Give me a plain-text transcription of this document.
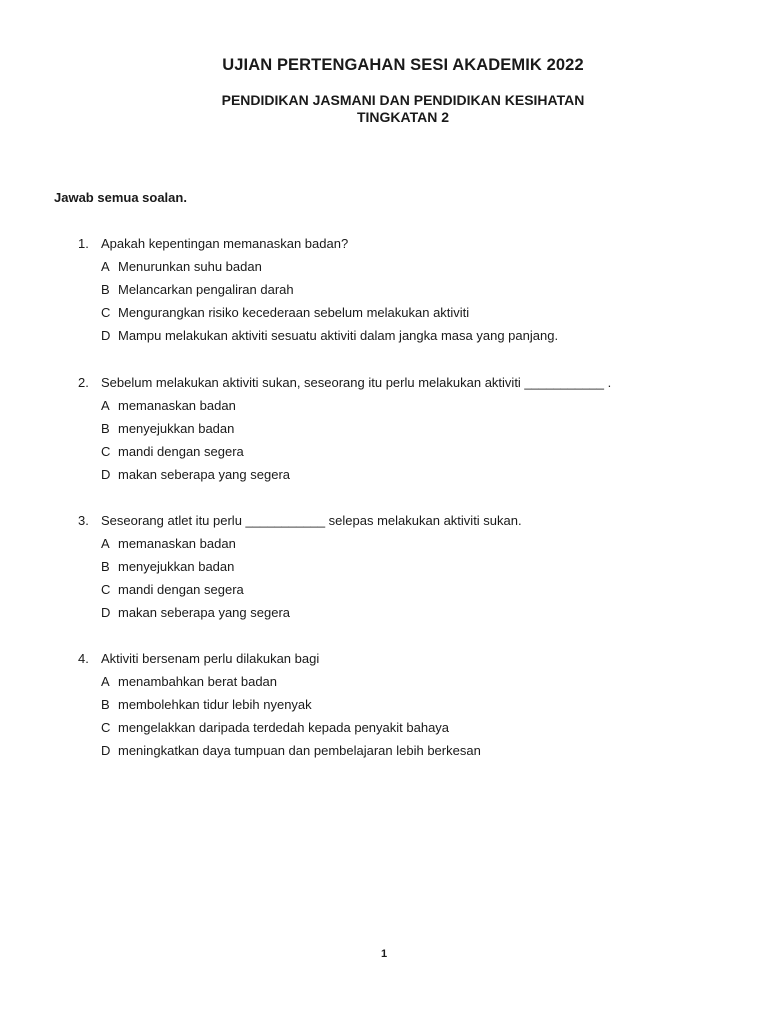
UJIAN PERTENGAHAN SESI AKADEMIK 2022
PENDIDIKAN JASMANI DAN PENDIDIKAN KESIHATAN
TINGKATAN 2
Jawab semua soalan.
1. Apakah kepentingan memanaskan badan?
A Menurunkan suhu badan
B Melancarkan pengaliran darah
C Mengurangkan risiko kecederaan sebelum melakukan aktiviti
D Mampu melakukan aktiviti sesuatu aktiviti dalam jangka masa yang panjang.
2. Sebelum melakukan aktiviti sukan, seseorang itu perlu melakukan aktiviti ___________ .
A memanaskan badan
B menyejukkan badan
C mandi dengan segera
D makan seberapa yang segera
3. Seseorang atlet itu perlu ___________ selepas melakukan aktiviti sukan.
A memanaskan badan
B menyejukkan badan
C mandi dengan segera
D makan seberapa yang segera
4. Aktiviti bersenam perlu dilakukan bagi
A menambahkan berat badan
B membolehkan tidur lebih nyenyak
C mengelakkan daripada terdedah kepada penyakit bahaya
D meningkatkan daya tumpuan dan pembelajaran lebih berkesan
1
